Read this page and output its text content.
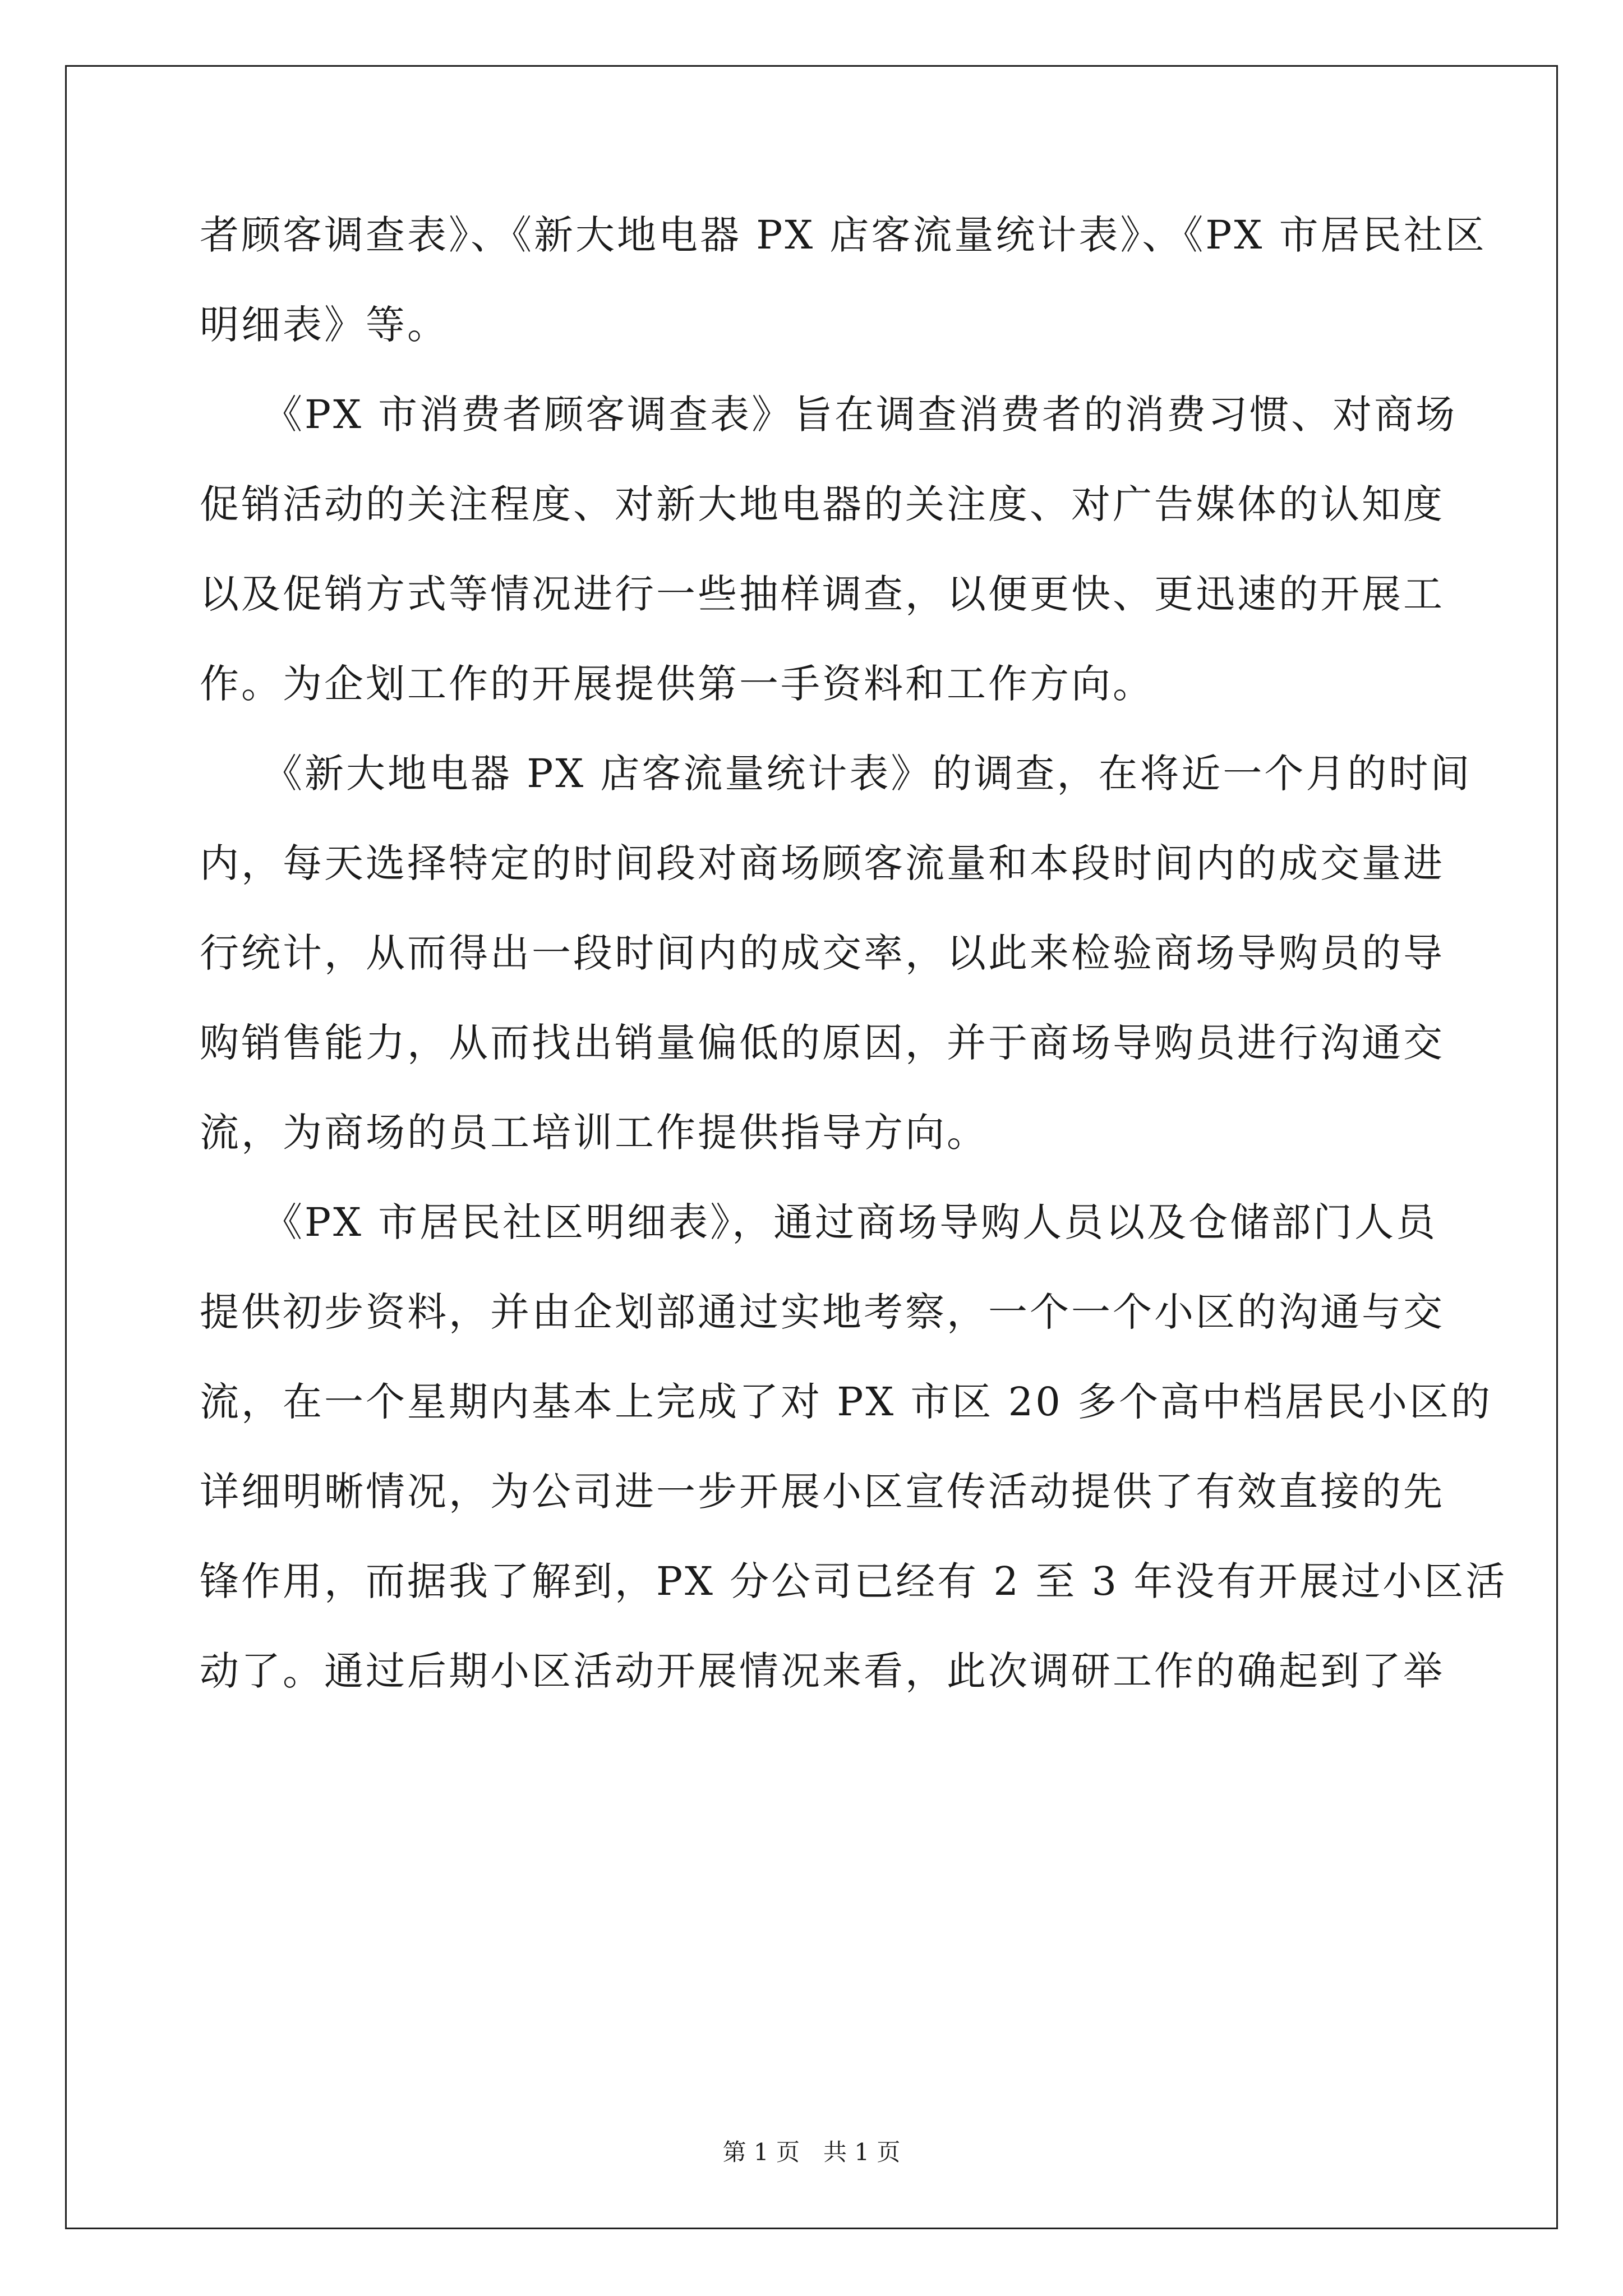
者顾客调查表》、《新大地电器 PX 店客流量统计表》、《PX 市居民社区
明细表》等。
　　《PX 市消费者顾客调查表》旨在调查消费者的消费习惯、对商场
促销活动的关注程度、对新大地电器的关注度、对广告媒体的认知度
以及促销方式等情况进行一些抽样调查，以便更快、更迅速的开展工
作。为企划工作的开展提供第一手资料和工作方向。
　　《新大地电器 PX 店客流量统计表》的调查，在将近一个月的时间
内，每天选择特定的时间段对商场顾客流量和本段时间内的成交量进
行统计，从而得出一段时间内的成交率，以此来检验商场导购员的导
购销售能力，从而找出销量偏低的原因，并于商场导购员进行沟通交
流，为商场的员工培训工作提供指导方向。
　　《PX 市居民社区明细表》，通过商场导购人员以及仓储部门人员
提供初步资料，并由企划部通过实地考察，一个一个小区的沟通与交
流，在一个星期内基本上完成了对 PX 市区 20 多个高中档居民小区的
详细明晰情况，为公司进一步开展小区宣传活动提供了有效直接的先
锋作用，而据我了解到，PX 分公司已经有 2 至 3 年没有开展过小区活
动了。通过后期小区活动开展情况来看，此次调研工作的确起到了举
第 1 页　共 1 页
